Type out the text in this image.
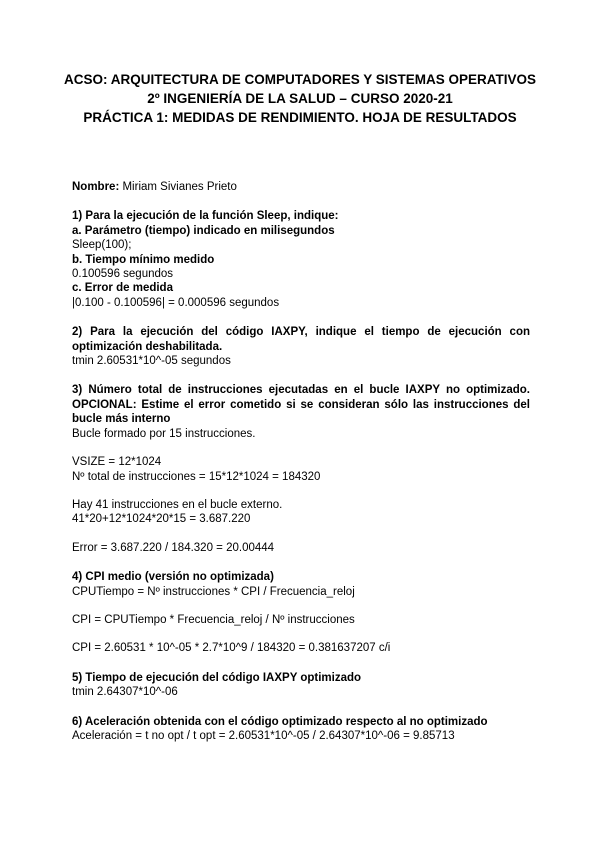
ACSO: ARQUITECTURA DE COMPUTADORES Y SISTEMAS OPERATIVOS
2º INGENIERÍA DE LA SALUD – CURSO 2020-21
PRÁCTICA 1: MEDIDAS DE RENDIMIENTO. HOJA DE RESULTADOS

Nombre: Miriam Sivianes Prieto

1) Para la ejecución de la función Sleep, indique:

a. Parámetro (tiempo) indicado en milisegundos

Sleep(100);

b. Tiempo mínimo medido

0.100596 segundos

c. Error de medida

|0.100 - 0.100596| = 0.000596 segundos

2) Para la ejecución del código IAXPY, indique el tiempo de ejecución con optimización deshabilitada.

tmin 2.60531*10^-05 segundos

3) Número total de instrucciones ejecutadas en el bucle IAXPY no optimizado. OPCIONAL: Estime el error cometido si se consideran sólo las instrucciones del bucle más interno

Bucle formado por 15 instrucciones.

VSIZE = 12*1024

Nº total de instrucciones = 15*12*1024 = 184320

Hay 41 instrucciones en el bucle externo.

41*20+12*1024*20*15 = 3.687.220

Error = 3.687.220 / 184.320 = 20.00444

4) CPI medio (versión no optimizada)

CPUTiempo = Nº instrucciones * CPI / Frecuencia_reloj

CPI = CPUTiempo * Frecuencia_reloj / Nº instrucciones

CPI = 2.60531 * 10^-05 * 2.7*10^9 / 184320 = 0.381637207 c/i

5) Tiempo de ejecución del código IAXPY optimizado

tmin 2.64307*10^-06

6) Aceleración obtenida con el código optimizado respecto al no optimizado

Aceleración = t no opt / t opt = 2.60531*10^-05 / 2.64307*10^-06 = 9.85713
